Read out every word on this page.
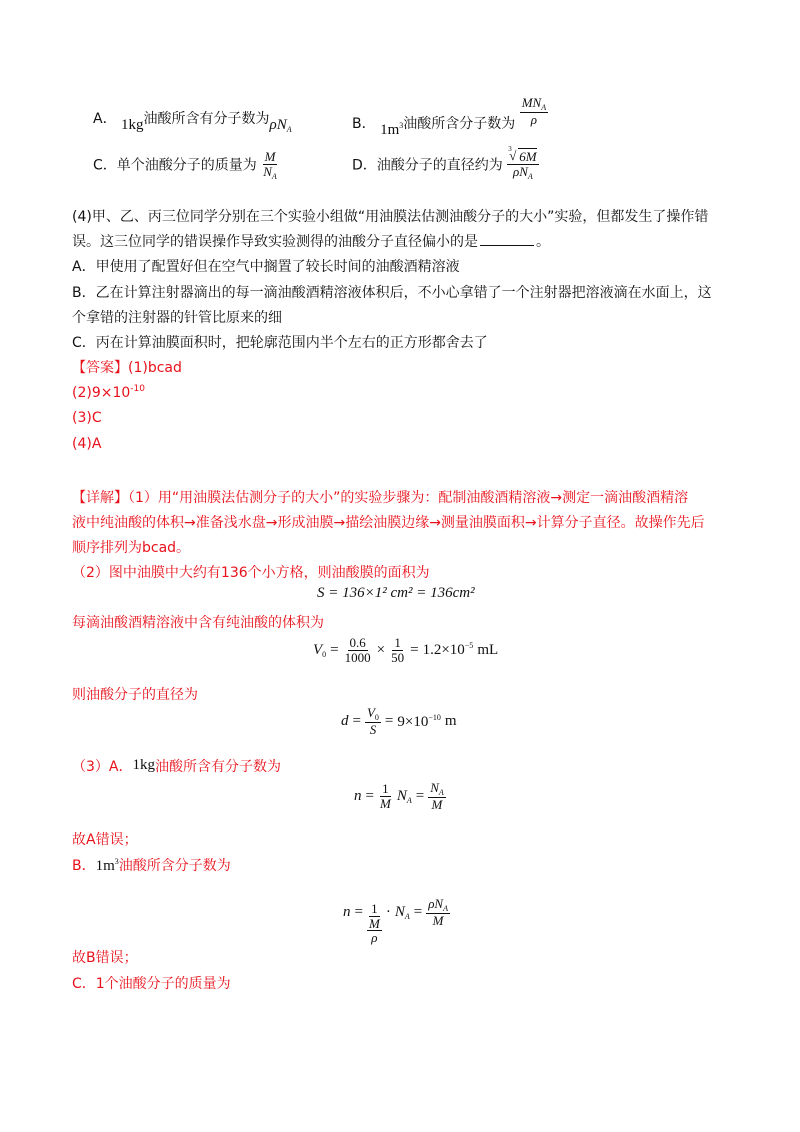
A． 1kg油酸所含有分子数为$\rho N_A$	B． $1m^3$油酸所含分子数为 $\frac{MN_A}{\rho}$
C．单个油酸分子的质量为 $\frac{M}{N_A}$	D．油酸分子的直径约为
√ $\frac{3 6M}{\rho N_A}$
(4)甲、乙、丙三位同学分别在三个实验小组做“用油膜法估测油酸分子的大小”实验，但都发生了操作错
误。这三位同学的错误操作导致实验测得的油酸分子直径偏小的是	。
A．甲使用了配置好但在空气中搁置了较长时间的油酸酒精溶液
B．乙在计算注射器滴出的每一滴油酸酒精溶液体积后，不小心拿错了一个注射器把溶液滴在水面上，这
个拿错的注射器的针管比原来的细
C．丙在计算油膜面积时，把轮廓范围内半个左右的正方形都舍去了
【答案】(1)bcad
$(2)9\times 10^{-10}$
(3)C
(4)A
【详解】（1）用“用油膜法估测分子的大小”的实验步骤为：配制油酸酒精溶液→测定一滴油酸酒精溶
液中纯油酸的体积→准备浅水盘→形成油膜→描绘油膜边缘→测量油膜面积→计算分子直径。故操作先后
顺序排列为bcad。
（2）图中油膜中大约有136个小方格，则油酸膜的面积为
S = 136×1² cm² = 136cm²
每滴油酸酒精溶液中含有纯油酸的体积为
$V_0 = \frac{0.6}{1000} \times \frac{1}{50} = 1.2\times 10^{-5}$ mL
则油酸分子的直径为
$d = \frac{V_0}{S} = 9\times 10^{-10}$ m
（3）A．1kg油酸所含有分子数为
$n = \frac{1}{M} N_A = \frac{N_A}{M}$
故A错误；
B．$1m^3$油酸所含分子数为
n = 1
M
ρ
· $N_A = \frac{\rho N_A}{M}$
故B错误；
C．1个油酸分子的质量为
